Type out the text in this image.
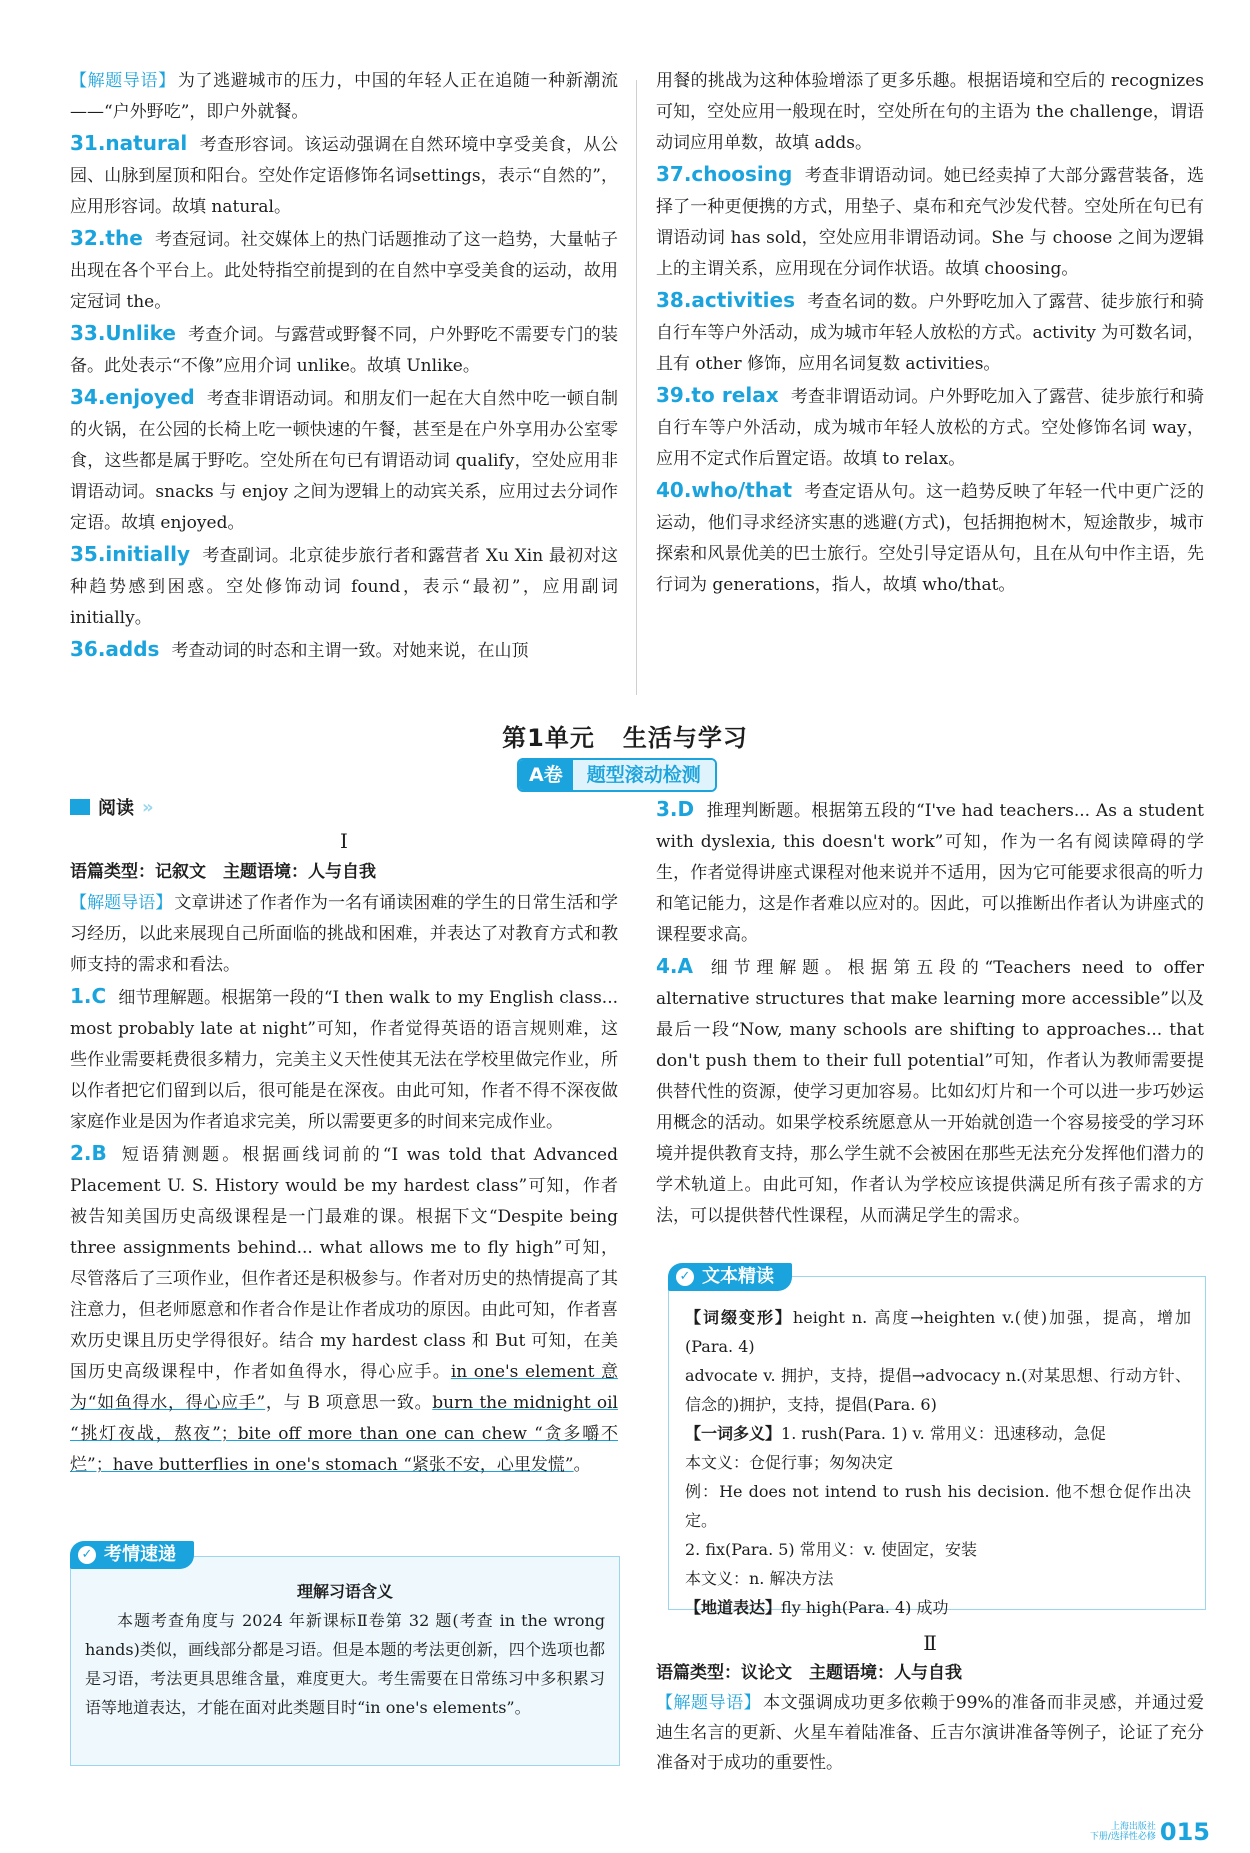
【解题导语】 为了逃避城市的压力，中国的年轻人正在追随一种新潮流——“户外野吃”，即户外就餐。

31.natural 考查形容词。该运动强调在自然环境中享受美食，从公园、山脉到屋顶和阳台。空处作定语修饰名词settings，表示“自然的”，应用形容词。故填 natural。

32.the 考查冠词。社交媒体上的热门话题推动了这一趋势，大量帖子出现在各个平台上。此处特指空前提到的在自然中享受美食的运动，故用定冠词 the。

33.Unlike 考查介词。与露营或野餐不同，户外野吃不需要专门的装备。此处表示“不像”应用介词 unlike。故填 Unlike。

34.enjoyed 考查非谓语动词。和朋友们一起在大自然中吃一顿自制的火锅，在公园的长椅上吃一顿快速的午餐，甚至是在户外享用办公室零食，这些都是属于野吃。空处所在句已有谓语动词 qualify，空处应用非谓语动词。snacks 与 enjoy 之间为逻辑上的动宾关系，应用过去分词作定语。故填 enjoyed。

35.initially 考查副词。北京徒步旅行者和露营者 Xu Xin 最初对这种趋势感到困惑。空处修饰动词 found，表示“最初”，应用副词 initially。

36.adds 考查动词的时态和主谓一致。对她来说，在山顶

用餐的挑战为这种体验增添了更多乐趣。根据语境和空后的 recognizes 可知，空处应用一般现在时，空处所在句的主语为 the challenge，谓语动词应用单数，故填 adds。

37.choosing 考查非谓语动词。她已经卖掉了大部分露营装备，选择了一种更便携的方式，用垫子、桌布和充气沙发代替。空处所在句已有谓语动词 has sold，空处应用非谓语动词。She 与 choose 之间为逻辑上的主谓关系，应用现在分词作状语。故填 choosing。

38.activities 考查名词的数。户外野吃加入了露营、徒步旅行和骑自行车等户外活动，成为城市年轻人放松的方式。activity 为可数名词，且有 other 修饰，应用名词复数 activities。

39.to relax 考查非谓语动词。户外野吃加入了露营、徒步旅行和骑自行车等户外活动，成为城市年轻人放松的方式。空处修饰名词 way，应用不定式作后置定语。故填 to relax。

40.who/that 考查定语从句。这一趋势反映了年轻一代中更广泛的运动，他们寻求经济实惠的逃避(方式)，包括拥抱树木，短途散步，城市探索和风景优美的巴士旅行。空处引导定语从句，且在从句中作主语，先行词为 generations，指人，故填 who/that。

第1单元 生活与学习
A卷	题型滚动检测
阅读 »

Ⅰ

语篇类型：记叙文　主题语境：人与自我

【解题导语】 文章讲述了作者作为一名有诵读困难的学生的日常生活和学习经历，以此来展现自己所面临的挑战和困难，并表达了对教育方式和教师支持的需求和看法。

1.C 细节理解题。根据第一段的“I then walk to my English class... most probably late at night”可知，作者觉得英语的语言规则难，这些作业需要耗费很多精力，完美主义天性使其无法在学校里做完作业，所以作者把它们留到以后，很可能是在深夜。由此可知，作者不得不深夜做家庭作业是因为作者追求完美，所以需要更多的时间来完成作业。

2.B 短语猜测题。根据画线词前的“I was told that Advanced Placement U. S. History would be my hardest class”可知，作者被告知美国历史高级课程是一门最难的课。根据下文“Despite being three assignments behind... what allows me to fly high”可知，尽管落后了三项作业，但作者还是积极参与。作者对历史的热情提高了其注意力，但老师愿意和作者合作是让作者成功的原因。由此可知，作者喜欢历史课且历史学得很好。结合 my hardest class 和 But 可知，在美国历史高级课程中，作者如鱼得水，得心应手。in one's element 意为“如鱼得水，得心应手”，与 B 项意思一致。burn the midnight oil “挑灯夜战，熬夜”；bite off more than one can chew “贪多嚼不烂”；have butterflies in one's stomach “紧张不安，心里发慌”。

✓ 考情速递

理解习语含义

本题考查角度与 2024 年新课标Ⅱ卷第 32 题(考查 in the wrong hands)类似，画线部分都是习语。但是本题的考法更创新，四个选项也都是习语，考法更具思维含量，难度更大。考生需要在日常练习中多积累习语等地道表达，才能在面对此类题目时“in one's elements”。

3.D 推理判断题。根据第五段的“I've had teachers... As a student with dyslexia, this doesn't work”可知，作为一名有阅读障碍的学生，作者觉得讲座式课程对他来说并不适用，因为它可能要求很高的听力和笔记能力，这是作者难以应对的。因此，可以推断出作者认为讲座式的课程要求高。

4.A 细节理解题。根据第五段的“Teachers need to offer alternative structures that make learning more accessible”以及最后一段“Now, many schools are shifting to approaches... that don't push them to their full potential”可知，作者认为教师需要提供替代性的资源，使学习更加容易。比如幻灯片和一个可以进一步巧妙运用概念的活动。如果学校系统愿意从一开始就创造一个容易接受的学习环境并提供教育支持，那么学生就不会被困在那些无法充分发挥他们潜力的学术轨道上。由此可知，作者认为学校应该提供满足所有孩子需求的方法，可以提供替代性课程，从而满足学生的需求。

✓ 文本精读

【词缀变形】height n. 高度→heighten v.(使)加强，提高，增加(Para. 4)

advocate v. 拥护，支持，提倡→advocacy n.(对某思想、行动方针、信念的)拥护，支持，提倡(Para. 6)

【一词多义】1. rush(Para. 1) v. 常用义：迅速移动，急促

本文义：仓促行事；匆匆决定

例：He does not intend to rush his decision. 他不想仓促作出决定。

2. fix(Para. 5) 常用义：v. 使固定，安装

本文义：n. 解决方法

【地道表达】fly high(Para. 4) 成功

Ⅱ

语篇类型：议论文　主题语境：人与自我

【解题导语】 本文强调成功更多依赖于99%的准备而非灵感，并通过爱迪生名言的更新、火星车着陆准备、丘吉尔演讲准备等例子，论证了充分准备对于成功的重要性。

上海出版社
下册/选择性必修 015
